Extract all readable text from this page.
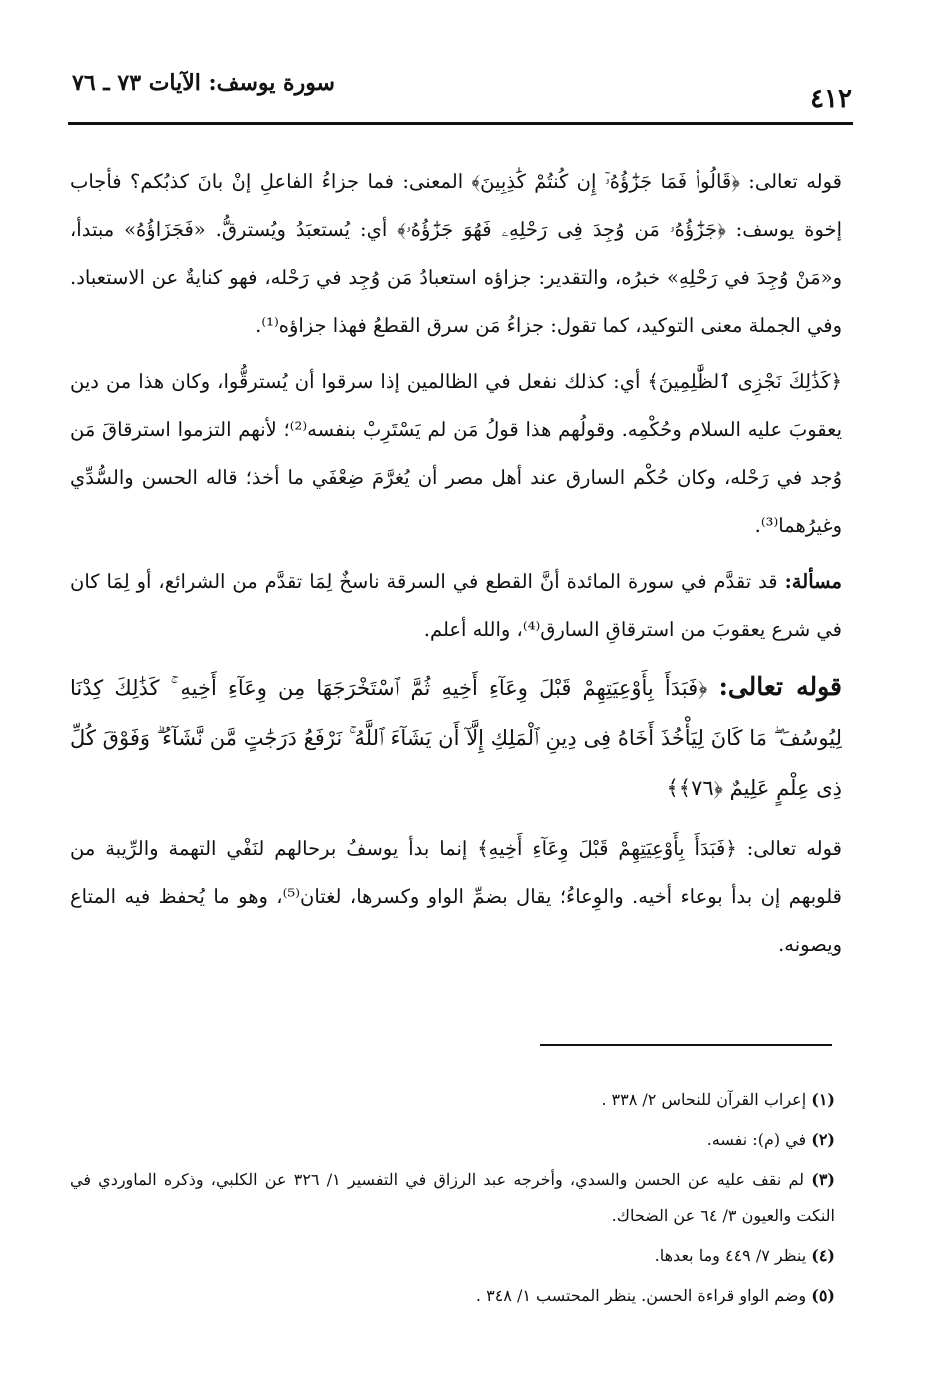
٤١٢
سورة يوسف: الآيات ٧٣ ـ ٧٦

قوله تعالى: ﴿قَالُوا۟ فَمَا جَزَٰٓؤُهُۥٓ إِن كُنتُمْ كَٰذِبِينَ﴾ المعنى: فما جزاءُ الفاعلِ إنْ بانَ كذبُكم؟ فأجاب إخوة يوسف: ﴿جَزَٰٓؤُهُۥ مَن وُجِدَ فِى رَحْلِهِۦ فَهُوَ جَزَٰٓؤُهُۥ﴾ أي: يُستعبَدُ ويُسترقُّ. «فَجَزَاؤُهُ» مبتدأ، و«مَنْ وُجِدَ في رَحْلِهِ» خبرُه، والتقدير: جزاؤه استعبادُ مَن وُجِد في رَحْله، فهو كنايةٌ عن الاستعباد. وفي الجملة معنى التوكيد، كما تقول: جزاءُ مَن سرق القطعُ فهذا جزاؤه⁽¹⁾.

﴿كَذَٰلِكَ نَجْزِى ٱلظَّٰلِمِينَ﴾ أي: كذلك نفعل في الظالمين إذا سرقوا أن يُسترقُّوا، وكان هذا من دين يعقوبَ عليه السلام وحُكْمِه. وقولُهم هذا قولُ مَن لم يَسْتَرِبْ بنفسه⁽²⁾؛ لأنهم التزموا استرقاقَ مَن وُجد في رَحْله، وكان حُكْم السارق عند أهل مصر أن يُغرَّمَ ضِعْفَي ما أخذ؛ قاله الحسن والسُّدِّي وغيرُهما⁽³⁾.

مسألة: قد تقدَّم في سورة المائدة أنَّ القطع في السرقة ناسخٌ لِمَا تقدَّم من الشرائع، أو لِمَا كان في شرع يعقوبَ من استرقاقِ السارق⁽⁴⁾، والله أعلم.

قوله تعالى: ﴿فَبَدَأَ بِأَوْعِيَتِهِمْ قَبْلَ وِعَآءِ أَخِيهِ ثُمَّ ٱسْتَخْرَجَهَا مِن وِعَآءِ أَخِيهِ ۚ كَذَٰلِكَ كِدْنَا لِيُوسُفَ ۖ مَا كَانَ لِيَأْخُذَ أَخَاهُ فِى دِينِ ٱلْمَلِكِ إِلَّآ أَن يَشَآءَ ٱللَّهُ ۚ نَرْفَعُ دَرَجَٰتٍ مَّن نَّشَآءُ ۗ وَفَوْقَ كُلِّ ذِى عِلْمٍ عَلِيمٌ ﴿٧٦﴾﴾

قوله تعالى: ﴿فَبَدَأَ بِأَوْعِيَتِهِمْ قَبْلَ وِعَآءِ أَخِيهِ﴾ إنما بدأ يوسفُ برحالهم لنَفْي التهمة والرِّيبة من قلوبهم إن بدأ بوعاء أخيه. والوِعاءُ؛ يقال بضمِّ الواو وكسرها، لغتان⁽⁵⁾، وهو ما يُحفظ فيه المتاع ويصونه.

(١) إعراب القرآن للنحاس ٢/ ٣٣٨ .

(٢) في (م): نفسه.

(٣) لم نقف عليه عن الحسن والسدي، وأخرجه عبد الرزاق في التفسير ١/ ٣٢٦ عن الكلبي، وذكره الماوردي في النكت والعيون ٣/ ٦٤ عن الضحاك.

(٤) ينظر ٧/ ٤٤٩ وما بعدها.

(٥) وضم الواو قراءة الحسن. ينظر المحتسب ١/ ٣٤٨ .
